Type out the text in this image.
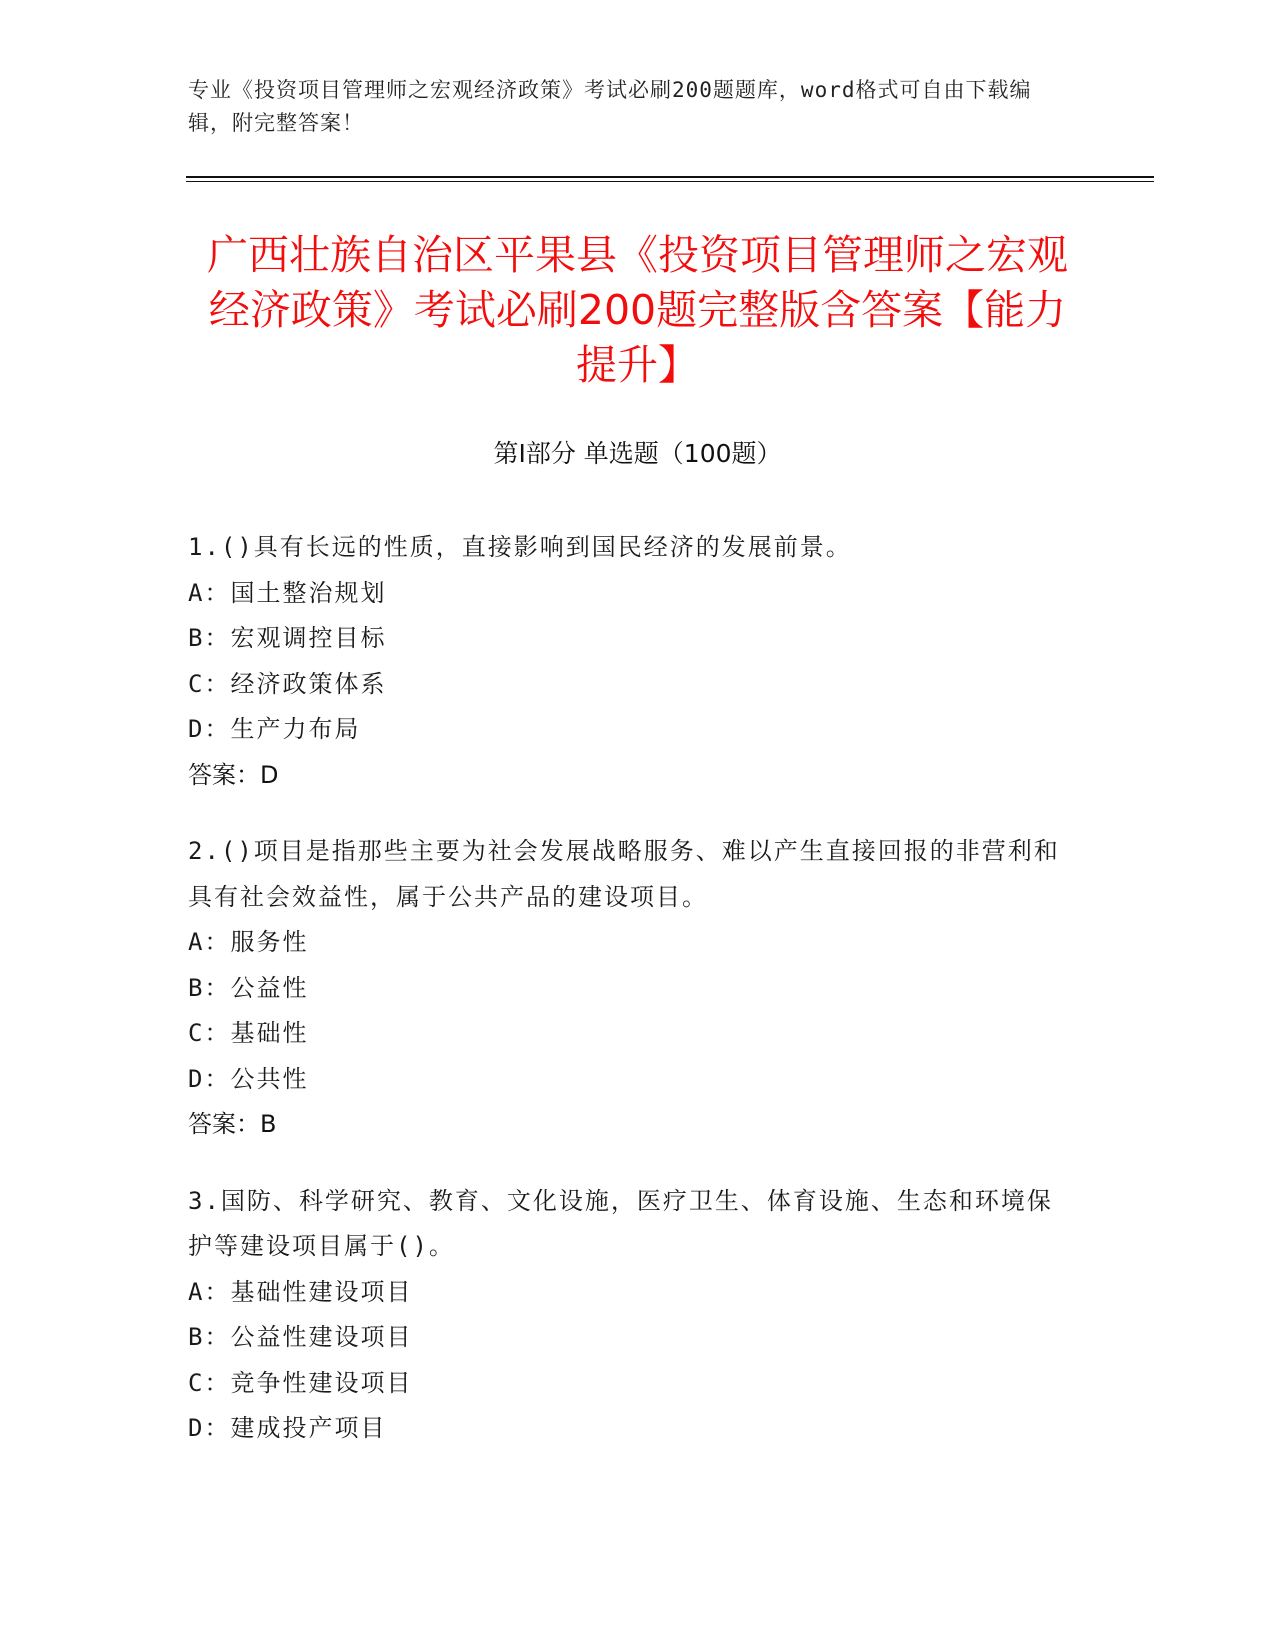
专业《投资项目管理师之宏观经济政策》考试必刷200题题库，word格式可自由下载编辑，附完整答案！
广西壮族自治区平果县《投资项目管理师之宏观经济政策》考试必刷200题完整版含答案【能力提升】
第Ⅰ部分 单选题（100题）

1.()具有长远的性质，直接影响到国民经济的发展前景。

A：国土整治规划

B：宏观调控目标

C：经济政策体系

D：生产力布局

答案：D

2.()项目是指那些主要为社会发展战略服务、难以产生直接回报的非营利和具有社会效益性，属于公共产品的建设项目。

A：服务性

B：公益性

C：基础性

D：公共性

答案：B

3.国防、科学研究、教育、文化设施，医疗卫生、体育设施、生态和环境保护等建设项目属于()。

A：基础性建设项目

B：公益性建设项目

C：竞争性建设项目

D：建成投产项目
